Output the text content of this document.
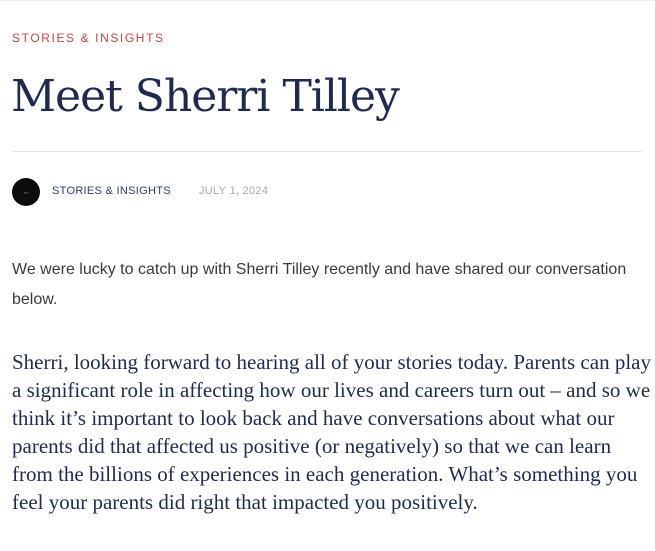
STORIES & INSIGHTS
Meet Sherri Tilley
▪▪▪ STORIES & INSIGHTS	JULY 1, 2024

We were lucky to catch up with Sherri Tilley recently and have shared our conversation below.

Sherri, looking forward to hearing all of your stories today. Parents can play a significant role in affecting how our lives and careers turn out – and so we think it’s important to look back and have conversations about what our parents did that affected us positive (or negatively) so that we can learn from the billions of experiences in each generation. What’s something you feel your parents did right that impacted you positively.
